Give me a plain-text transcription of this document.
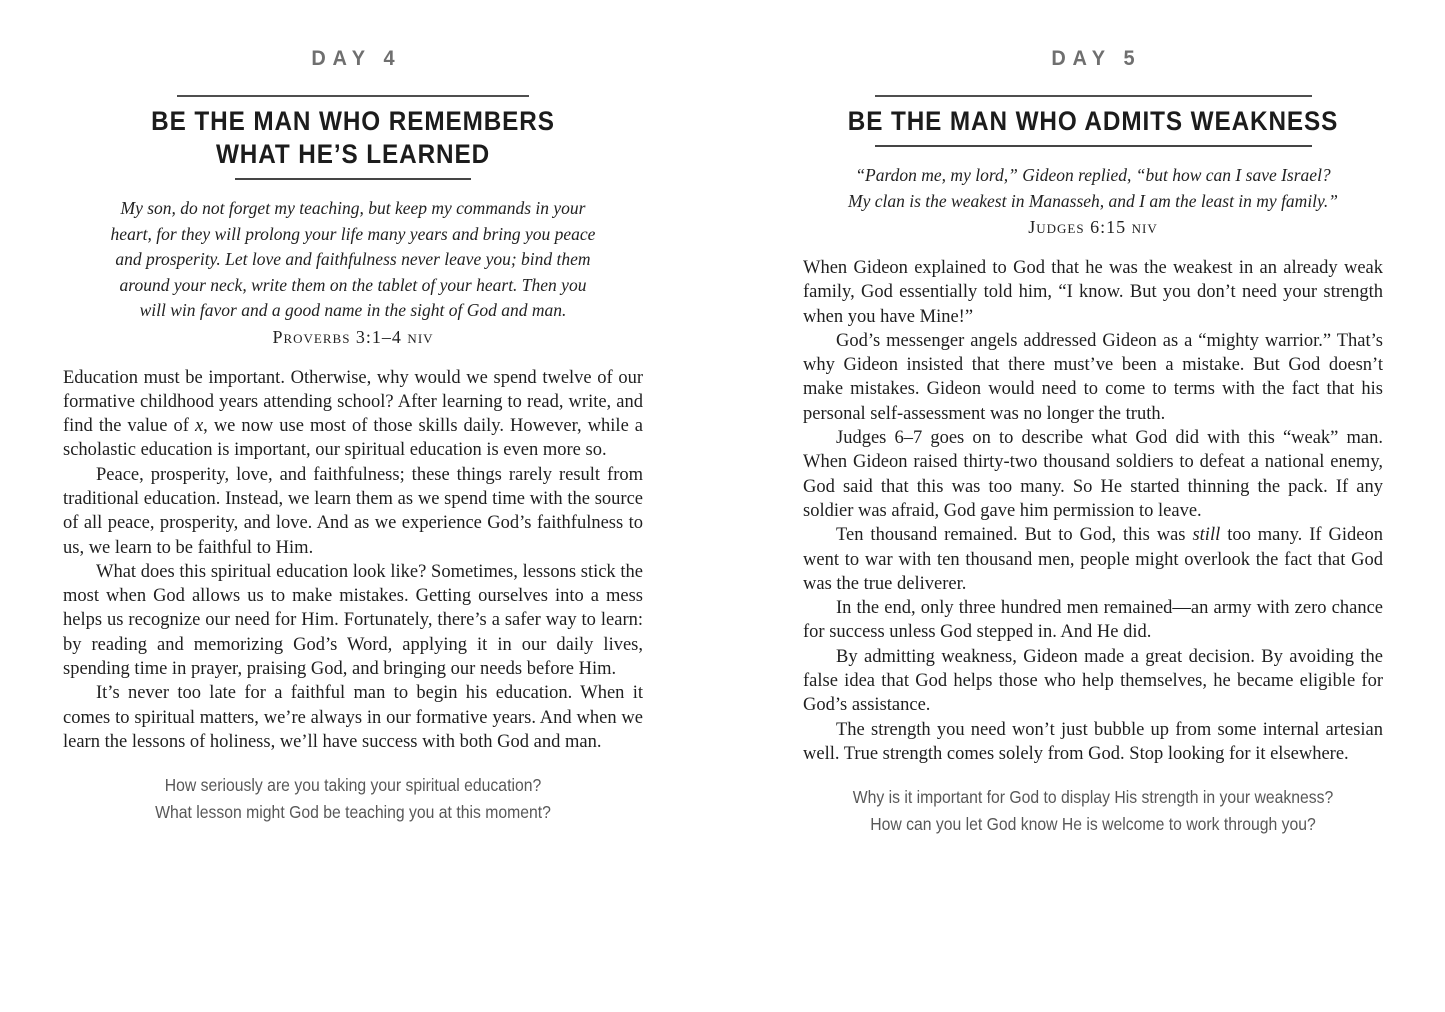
DAY 4
BE THE MAN WHO REMEMBERS
WHAT HE’S LEARNED
My son, do not forget my teaching, but keep my commands in your
heart, for they will prolong your life many years and bring you peace
and prosperity. Let love and faithfulness never leave you; bind them
around your neck, write them on the tablet of your heart. Then you
will win favor and a good name in the sight of God and man.
Proverbs 3:1–4 niv

Education must be important. Otherwise, why would we spend twelve of our formative childhood years attending school? After learning to read, write, and find the value of x, we now use most of those skills daily. However, while a scholastic education is important, our spiritual education is even more so.

Peace, prosperity, love, and faithfulness; these things rarely result from traditional education. Instead, we learn them as we spend time with the source of all peace, prosperity, and love. And as we experience God’s faithfulness to us, we learn to be faithful to Him.

What does this spiritual education look like? Sometimes, lessons stick the most when God allows us to make mistakes. Getting ourselves into a mess helps us recognize our need for Him. Fortunately, there’s a safer way to learn: by reading and memorizing God’s Word, applying it in our daily lives, spending time in prayer, praising God, and bringing our needs before Him.

It’s never too late for a faithful man to begin his education. When it comes to spiritual matters, we’re always in our formative years. And when we learn the lessons of holiness, we’ll have success with both God and man.

How seriously are you taking your spiritual education?
What lesson might God be teaching you at this moment?
DAY 5
BE THE MAN WHO ADMITS WEAKNESS
“Pardon me, my lord,” Gideon replied, “but how can I save Israel?
My clan is the weakest in Manasseh, and I am the least in my family.”
Judges 6:15 niv

When Gideon explained to God that he was the weakest in an already weak family, God essentially told him, “I know. But you don’t need your strength when you have Mine!”

God’s messenger angels addressed Gideon as a “mighty warrior.” That’s why Gideon insisted that there must’ve been a mistake. But God doesn’t make mistakes. Gideon would need to come to terms with the fact that his personal self-assessment was no longer the truth.

Judges 6–7 goes on to describe what God did with this “weak” man. When Gideon raised thirty-two thousand soldiers to defeat a national enemy, God said that this was too many. So He started thinning the pack. If any soldier was afraid, God gave him permission to leave.

Ten thousand remained. But to God, this was still too many. If Gideon went to war with ten thousand men, people might overlook the fact that God was the true deliverer.

In the end, only three hundred men remained—an army with zero chance for success unless God stepped in. And He did.

By admitting weakness, Gideon made a great decision. By avoiding the false idea that God helps those who help themselves, he became eligible for God’s assistance.

The strength you need won’t just bubble up from some internal artesian well. True strength comes solely from God. Stop looking for it elsewhere.

Why is it important for God to display His strength in your weakness?
How can you let God know He is welcome to work through you?
